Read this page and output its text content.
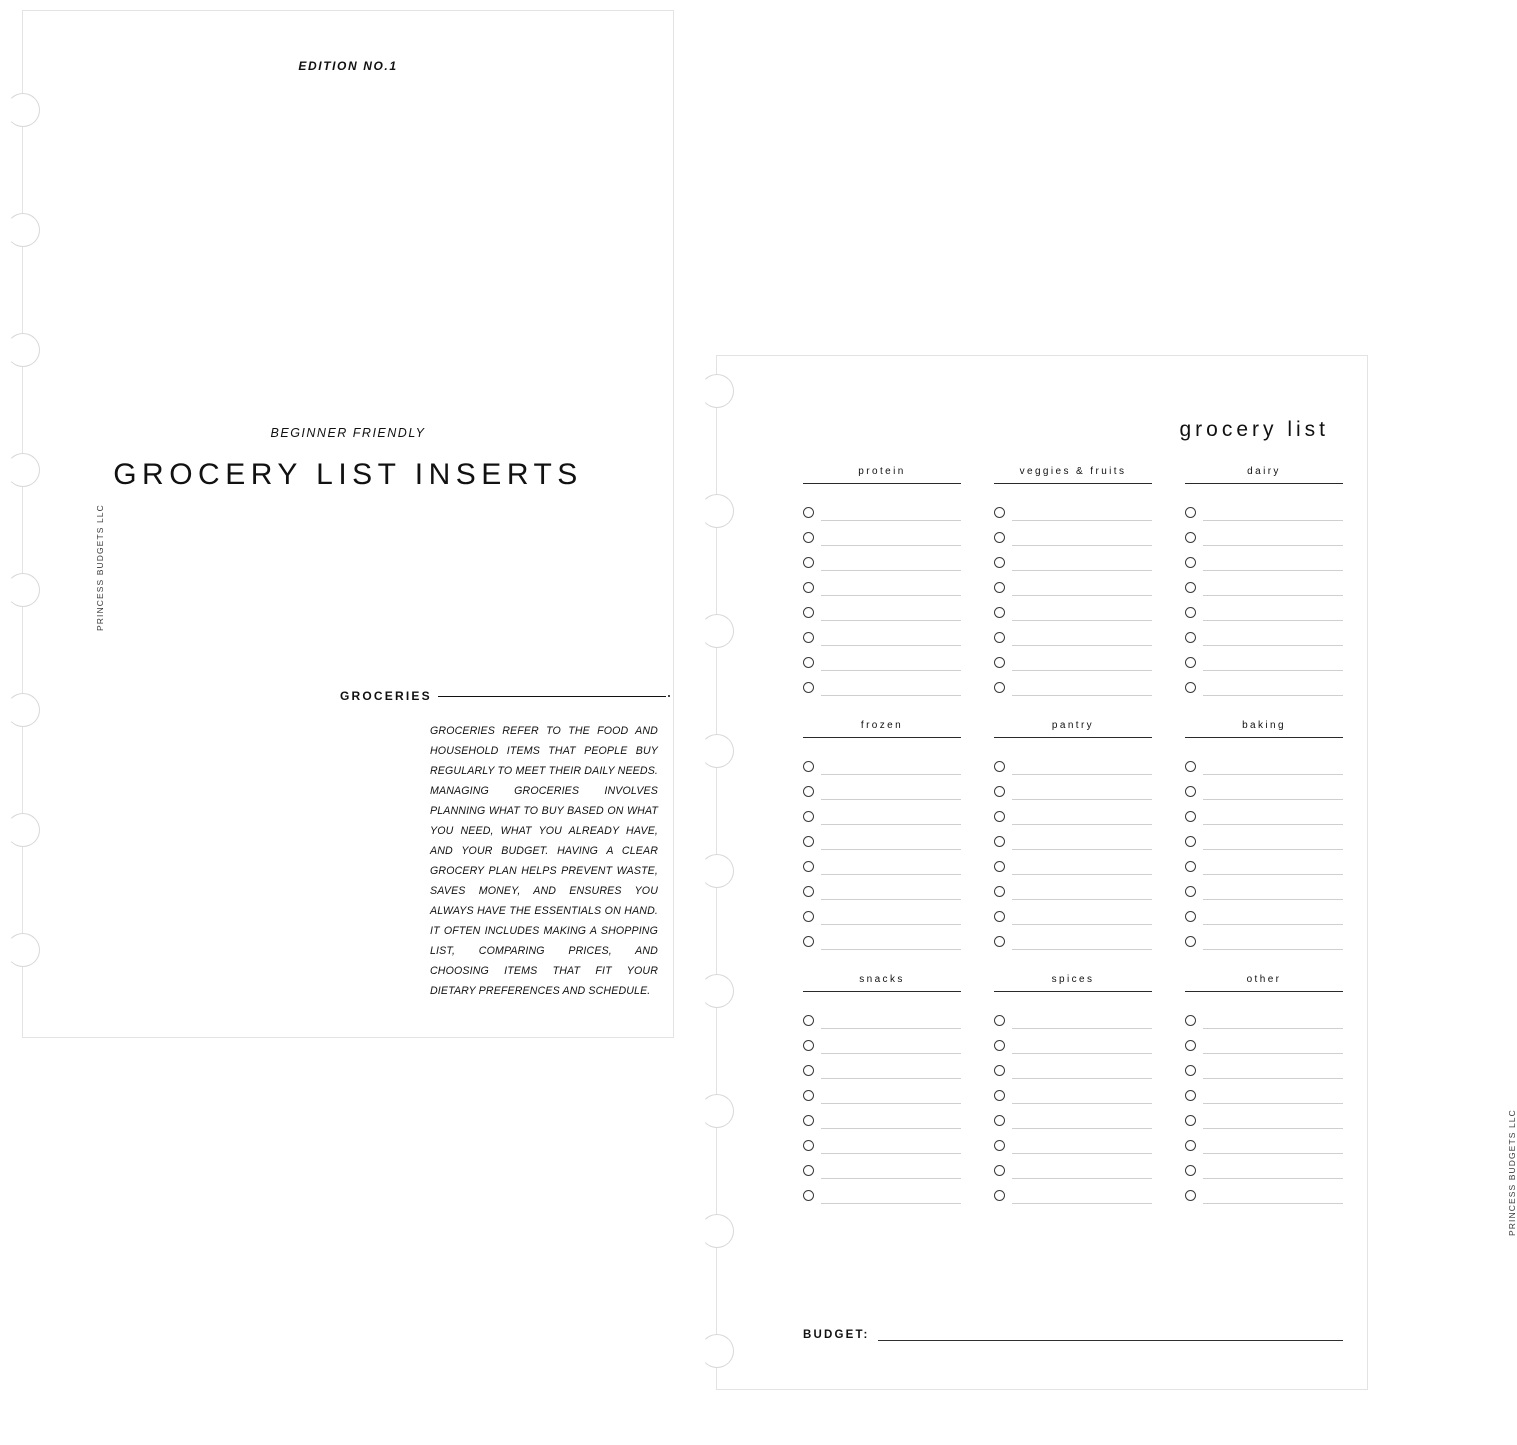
EDITION NO.1
PRINCESS BUDGETS LLC
BEGINNER FRIENDLY
GROCERY LIST INSERTS
GROCERIES
GROCERIES REFER TO THE FOOD AND HOUSEHOLD ITEMS THAT PEOPLE BUY REGULARLY TO MEET THEIR DAILY NEEDS. MANAGING GROCERIES INVOLVES PLANNING WHAT TO BUY BASED ON WHAT YOU NEED, WHAT YOU ALREADY HAVE, AND YOUR BUDGET. HAVING A CLEAR GROCERY PLAN HELPS PREVENT WASTE, SAVES MONEY, AND ENSURES YOU ALWAYS HAVE THE ESSENTIALS ON HAND. IT OFTEN INCLUDES MAKING A SHOPPING LIST, COMPARING PRICES, AND CHOOSING ITEMS THAT FIT YOUR DIETARY PREFERENCES AND SCHEDULE.
grocery list
PRINCESS BUDGETS LLC
protein	veggies & fruits	dairy
frozen	pantry	baking
snacks	spices	other
BUDGET:
